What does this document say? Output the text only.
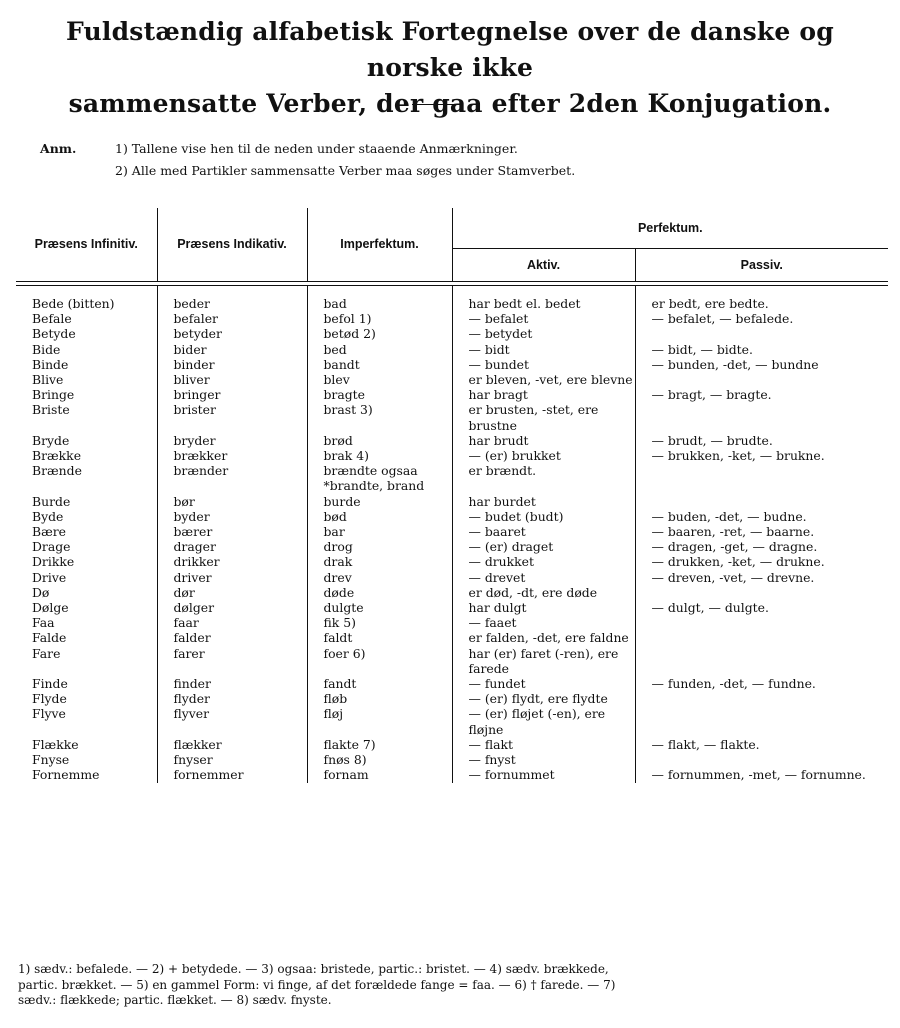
Fuldstændig alfabetisk Fortegnelse over de danske og norske ikke
sammensatte Verber, der gaa efter 2den Konjugation.
Anm.	1) Tallene vise hen til de neden under staaende Anmærkninger.
2) Alle med Partikler sammensatte Verber maa søges under Stamverbet.
Præsens Infinitiv.	Præsens Indikativ.	Imperfektum.	Perfektum.	
			Aktiv.	Passiv.

Bede (bitten)	beder	bad	har bedt el. bedet	er bedt, ere bedte.
Befale	befaler	befol 1)	— befalet	— befalet, — befalede.
Betyde	betyder	betød 2)	— betydet	
Bide	bider	bed	— bidt	— bidt, — bidte.
Binde	binder	bandt	— bundet	— bunden, -det, — bundne
Blive	bliver	blev	er bleven, -vet, ere blevne	
Bringe	bringer	bragte	har bragt	— bragt, — bragte.
Briste	brister	brast 3)	er brusten, -stet, ere brustne	
Bryde	bryder	brød	har brudt	— brudt, — brudte.
Brække	brækker	brak 4)	— (er) brukket	— brukken, -ket, — brukne.
Brænde	brænder	brændte ogsaa *brandte, brand	er brændt.	
Burde	bør	burde	har burdet	
Byde	byder	bød	— budet (budt)	— buden, -det, — budne.
Bære	bærer	bar	— baaret	— baaren, -ret, — baarne.
Drage	drager	drog	— (er) draget	— dragen, -get, — dragne.
Drikke	drikker	drak	— drukket	— drukken, -ket, — drukne.
Drive	driver	drev	— drevet	— dreven, -vet, — drevne.
Dø	dør	døde	er død, -dt, ere døde	
Dølge	dølger	dulgte	har dulgt	— dulgt, — dulgte.
Faa	faar	fik 5)	— faaet	
Falde	falder	faldt	er falden, -det, ere faldne	
Fare	farer	fоer 6)	har (er) faret (-ren), ere farede	
Finde	finder	fandt	— fundet	— funden, -det, — fundne.
Flyde	flyder	fløb	— (er) flydt, ere flydte	
Flyve	flyver	fløj	— (er) fløjet (-en), ere fløjne	
Flække	flækker	flakte 7)	— flakt	— flakt, — flakte.
Fnyse	fnyser	fnøs 8)	— fnyst	
Fornemme	fornemmer	fornam	— fornummet	— fornummen, -met, — fornumne.
1) sædv.: befalede. — 2) + betydede. — 3) ogsaa: bristede, partic.: bristet. — 4) sædv. brækkede,
partic. brækket. — 5) en gammel Form: vi finge, af det forældede fange = faa. — 6) † farede. — 7)
sædv.: flækkede; partic. flækket. — 8) sædv. fnyste.
